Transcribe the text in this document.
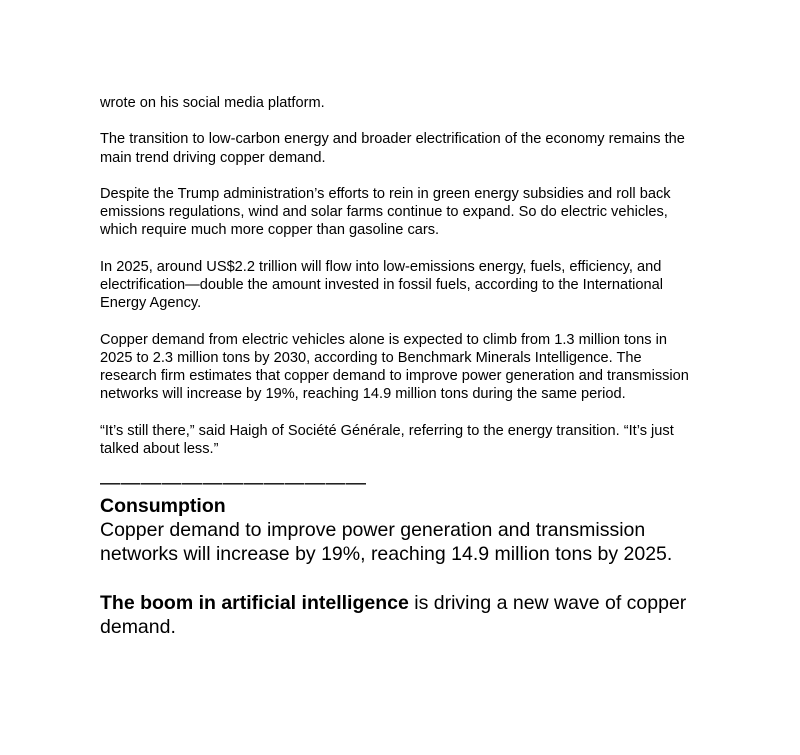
wrote on his social media platform.

The transition to low-carbon energy and broader electrification of the economy remains the main trend driving copper demand.

Despite the Trump administration’s efforts to rein in green energy subsidies and roll back emissions regulations, wind and solar farms continue to expand. So do electric vehicles, which require much more copper than gasoline cars.

In 2025, around US$2.2 trillion will flow into low-emissions energy, fuels, efficiency, and electrification—double the amount invested in fossil fuels, according to the International Energy Agency.

Copper demand from electric vehicles alone is expected to climb from 1.3 million tons in 2025 to 2.3 million tons by 2030, according to Benchmark Minerals Intelligence. The research firm estimates that copper demand to improve power generation and transmission networks will increase by 19%, reaching 14.9 million tons during the same period.

“It’s still there,” said Haigh of Société Générale, referring to the energy transition. “It’s just talked about less.”

—————————————
Consumption

Copper demand to improve power generation and transmission networks will increase by 19%, reaching 14.9 million tons by 2025.

The boom in artificial intelligence is driving a new wave of copper demand.
